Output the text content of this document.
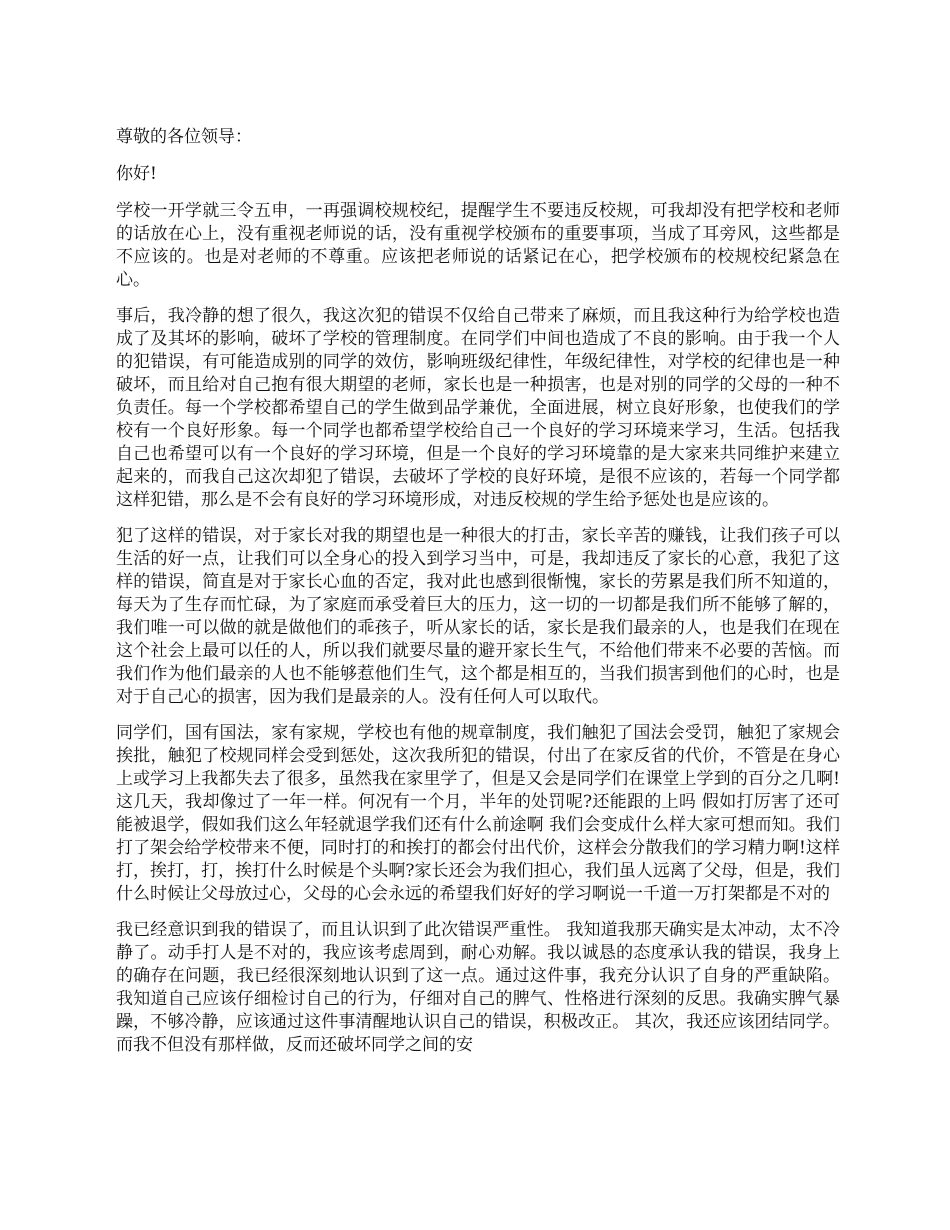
尊敬的各位领导：

你好!

学校一开学就三令五申，一再强调校规校纪，提醒学生不要违反校规，可我却没有把学校和老师的话放在心上，没有重视老师说的话，没有重视学校颁布的重要事项，当成了耳旁风，这些都是不应该的。也是对老师的不尊重。应该把老师说的话紧记在心，把学校颁布的校规校纪紧急在心。

事后，我冷静的想了很久，我这次犯的错误不仅给自己带来了麻烦，而且我这种行为给学校也造成了及其坏的影响，破坏了学校的管理制度。在同学们中间也造成了不良的影响。由于我一个人的犯错误，有可能造成别的同学的效仿，影响班级纪律性，年级纪律性，对学校的纪律也是一种破坏，而且给对自己抱有很大期望的老师，家长也是一种损害，也是对别的同学的父母的一种不负责任。每一个学校都希望自己的学生做到品学兼优，全面进展，树立良好形象，也使我们的学校有一个良好形象。每一个同学也都希望学校给自己一个良好的学习环境来学习，生活。包括我自己也希望可以有一个良好的学习环境，但是一个良好的学习环境靠的是大家来共同维护来建立起来的，而我自己这次却犯了错误，去破坏了学校的良好环境，是很不应该的，若每一个同学都这样犯错，那么是不会有良好的学习环境形成，对违反校规的学生给予惩处也是应该的。

犯了这样的错误，对于家长对我的期望也是一种很大的打击，家长辛苦的赚钱，让我们孩子可以生活的好一点，让我们可以全身心的投入到学习当中，可是，我却违反了家长的心意，我犯了这样的错误，简直是对于家长心血的否定，我对此也感到很惭愧，家长的劳累是我们所不知道的，每天为了生存而忙碌，为了家庭而承受着巨大的压力，这一切的一切都是我们所不能够了解的，我们唯一可以做的就是做他们的乖孩子，听从家长的话，家长是我们最亲的人，也是我们在现在这个社会上最可以任的人，所以我们就要尽量的避开家长生气，不给他们带来不必要的苦恼。而我们作为他们最亲的人也不能够惹他们生气，这个都是相互的，当我们损害到他们的心时，也是对于自己心的损害，因为我们是最亲的人。没有任何人可以取代。

同学们，国有国法，家有家规，学校也有他的规章制度，我们触犯了国法会受罚，触犯了家规会挨批，触犯了校规同样会受到惩处，这次我所犯的错误，付出了在家反省的代价，不管是在身心上或学习上我都失去了很多，虽然我在家里学了，但是又会是同学们在课堂上学到的百分之几啊!这几天，我却像过了一年一样。何况有一个月，半年的处罚呢?还能跟的上吗 假如打厉害了还可能被退学，假如我们这么年轻就退学我们还有什么前途啊 我们会变成什么样大家可想而知。我们打了架会给学校带来不便，同时打的和挨打的都会付出代价，这样会分散我们的学习精力啊!这样打，挨打，打，挨打什么时候是个头啊?家长还会为我们担心，我们虽人远离了父母，但是，我们什么时候让父母放过心，父母的心会永远的希望我们好好的学习啊说一千道一万打架都是不对的

我已经意识到我的错误了，而且认识到了此次错误严重性。 我知道我那天确实是太冲动，太不冷静了。动手打人是不对的，我应该考虑周到，耐心劝解。我以诚恳的态度承认我的错误，我身上的确存在问题，我已经很深刻地认识到了这一点。通过这件事，我充分认识了自身的严重缺陷。我知道自己应该仔细检讨自己的行为，仔细对自己的脾气、性格进行深刻的反思。我确实脾气暴躁，不够冷静，应该通过这件事清醒地认识自己的错误，积极改正。 其次，我还应该团结同学。而我不但没有那样做，反而还破坏同学之间的安
